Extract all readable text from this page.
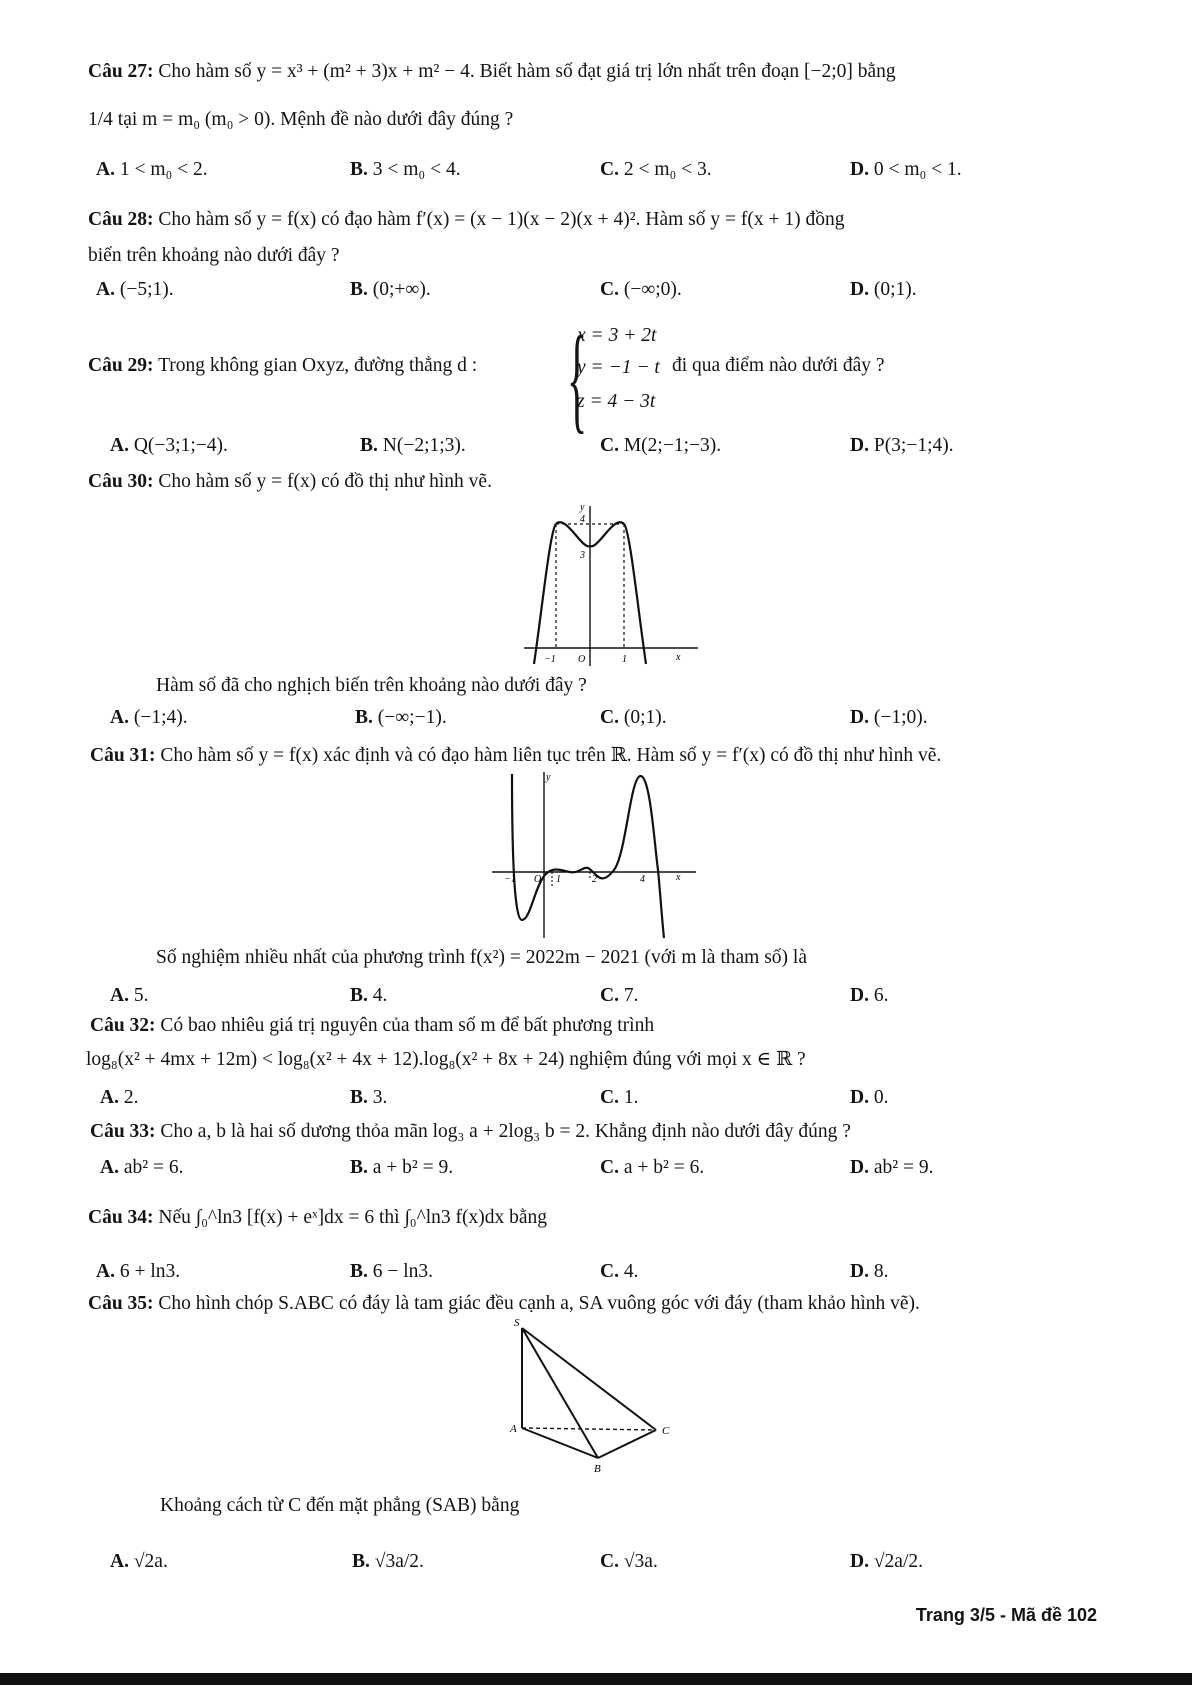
Câu 27: Cho hàm số y = x³ + (m² + 3)x + m² − 4. Biết hàm số đạt giá trị lớn nhất trên đoạn [−2;0] bằng
1/4 tại m = m₀ (m₀ > 0). Mệnh đề nào dưới đây đúng ?
A. 1 < m₀ < 2.	B. 3 < m₀ < 4.	C. 2 < m₀ < 3.	D. 0 < m₀ < 1.
Câu 28: Cho hàm số y = f(x) có đạo hàm f′(x) = (x − 1)(x − 2)(x + 4)². Hàm số y = f(x + 1) đồng
biến trên khoảng nào dưới đây ?
A. (−5;1).	B. (0;+∞).	C. (−∞;0).	D. (0;1).
Câu 29: Trong không gian Oxyz, đường thẳng d : {
x = 3 + 2t
y = −1 − t
z = 4 − 3t
đi qua điểm nào dưới đây ?
A. Q(−3;1;−4).	B. N(−2;1;3).	C. M(2;−1;−3).	D. P(3;−1;4).
Câu 30: Cho hàm số y = f(x) có đồ thị như hình vẽ.
y
4
3
−1 O	1	x
Hàm số đã cho nghịch biến trên khoảng nào dưới đây ?
A. (−1;4).	B. (−∞;−1).	C. (0;1).	D. (−1;0).
Câu 31: Cho hàm số y = f(x) xác định và có đạo hàm liên tục trên ℝ. Hàm số y = f′(x) có đồ thị như hình vẽ.
y
−1 O 1	2	4	x
Số nghiệm nhiều nhất của phương trình f(x²) = 2022m − 2021 (với m là tham số) là
A. 5.	B. 4.	C. 7.	D. 6.
Câu 32: Có bao nhiêu giá trị nguyên của tham số m để bất phương trình
log₈(x² + 4mx + 12m) < log₈(x² + 4x + 12).log₈(x² + 8x + 24) nghiệm đúng với mọi x ∈ ℝ ?
A. 2.	B. 3.	C. 1.	D. 0.
Câu 33: Cho a, b là hai số dương thỏa mãn log₃ a + 2log₃ b = 2. Khẳng định nào dưới đây đúng ?
A. ab² = 6.	B. a + b² = 9.	C. a + b² = 6.	D. ab² = 9.
Câu 34: Nếu ∫₀^ln3 [f(x) + eˣ]dx = 6 thì ∫₀^ln3 f(x)dx bằng
A. 6 + ln3.	B. 6 − ln3.	C. 4.	D. 8.
Câu 35: Cho hình chóp S.ABC có đáy là tam giác đều cạnh a, SA vuông góc với đáy (tham khảo hình vẽ).
S
A
B
C
Khoảng cách từ C đến mặt phẳng (SAB) bằng
A. √2a.	B. √3a/2.	C. √3a.	D. √2a/2.
Trang 3/5 - Mã đề 102
